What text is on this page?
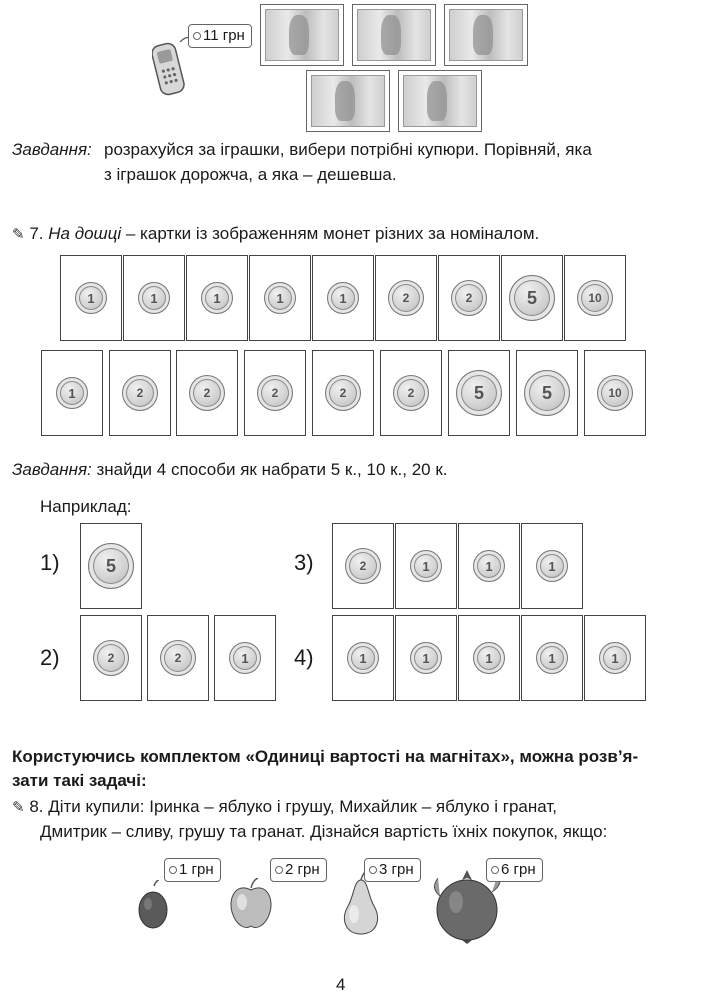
11 грн
Завдання: розрахуйся за іграшки, вибери потрібні купюри. Порівняй, яка
з іграшок дорожча, а яка – дешевша.
✎ 7. На дошці – картки із зображенням монет різних за номіналом.
1	1	1	1	1	2	2	5	10
1	2	2	2	2	2	5	5	10
Завдання: знайди 4 способи як набрати 5 к., 10 к., 20 к.
Наприклад:
1)	5
2)	2	2	1
3)	2	1	1	1
4)	1	1	1	1	1
Користуючись комплектом «Одиниці вартості на магнітах», можна розв’я-
зати такі задачі:
✎ 8. Діти купили: Іринка – яблуко і грушу, Михайлик – яблуко і гранат,
Дмитрик – сливу, грушу та гранат. Дізнайся вартість їхніх покупок, якщо:
1 грн	2 грн	3 грн	6 грн
4
